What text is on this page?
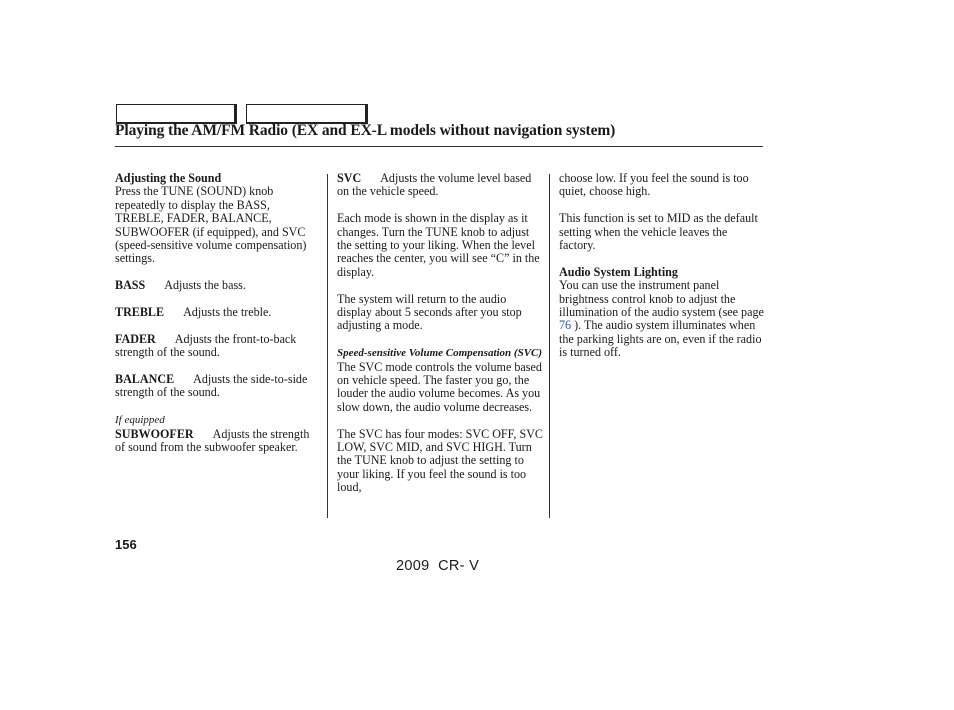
Playing the AM/FM Radio (EX and EX-L models without navigation system)

Adjusting the Sound
Press the TUNE (SOUND) knob repeatedly to display the BASS, TREBLE, FADER, BALANCE, SUBWOOFER (if equipped), and SVC (speed-sensitive volume compensation) settings.

BASS Adjusts the bass.

TREBLE Adjusts the treble.

FADER Adjusts the front-to-back strength of the sound.

BALANCE Adjusts the side-to-side strength of the sound.

If equipped
SUBWOOFER Adjusts the strength of sound from the subwoofer speaker.

SVC Adjusts the volume level based on the vehicle speed.

Each mode is shown in the display as it changes. Turn the TUNE knob to adjust the setting to your liking. When the level reaches the center, you will see “C” in the display.

The system will return to the audio display about 5 seconds after you stop adjusting a mode.

Speed-sensitive Volume Compensation (SVC)
The SVC mode controls the volume based on vehicle speed. The faster you go, the louder the audio volume becomes. As you slow down, the audio volume decreases.

The SVC has four modes: SVC OFF, SVC LOW, SVC MID, and SVC HIGH. Turn the TUNE knob to adjust the setting to your liking. If you feel the sound is too loud,

choose low. If you feel the sound is too quiet, choose high.

This function is set to MID as the default setting when the vehicle leaves the factory.

Audio System Lighting
You can use the instrument panel brightness control knob to adjust the illumination of the audio system (see page 76 ). The audio system illuminates when the parking lights are on, even if the radio is turned off.

156
2009  CR- V
